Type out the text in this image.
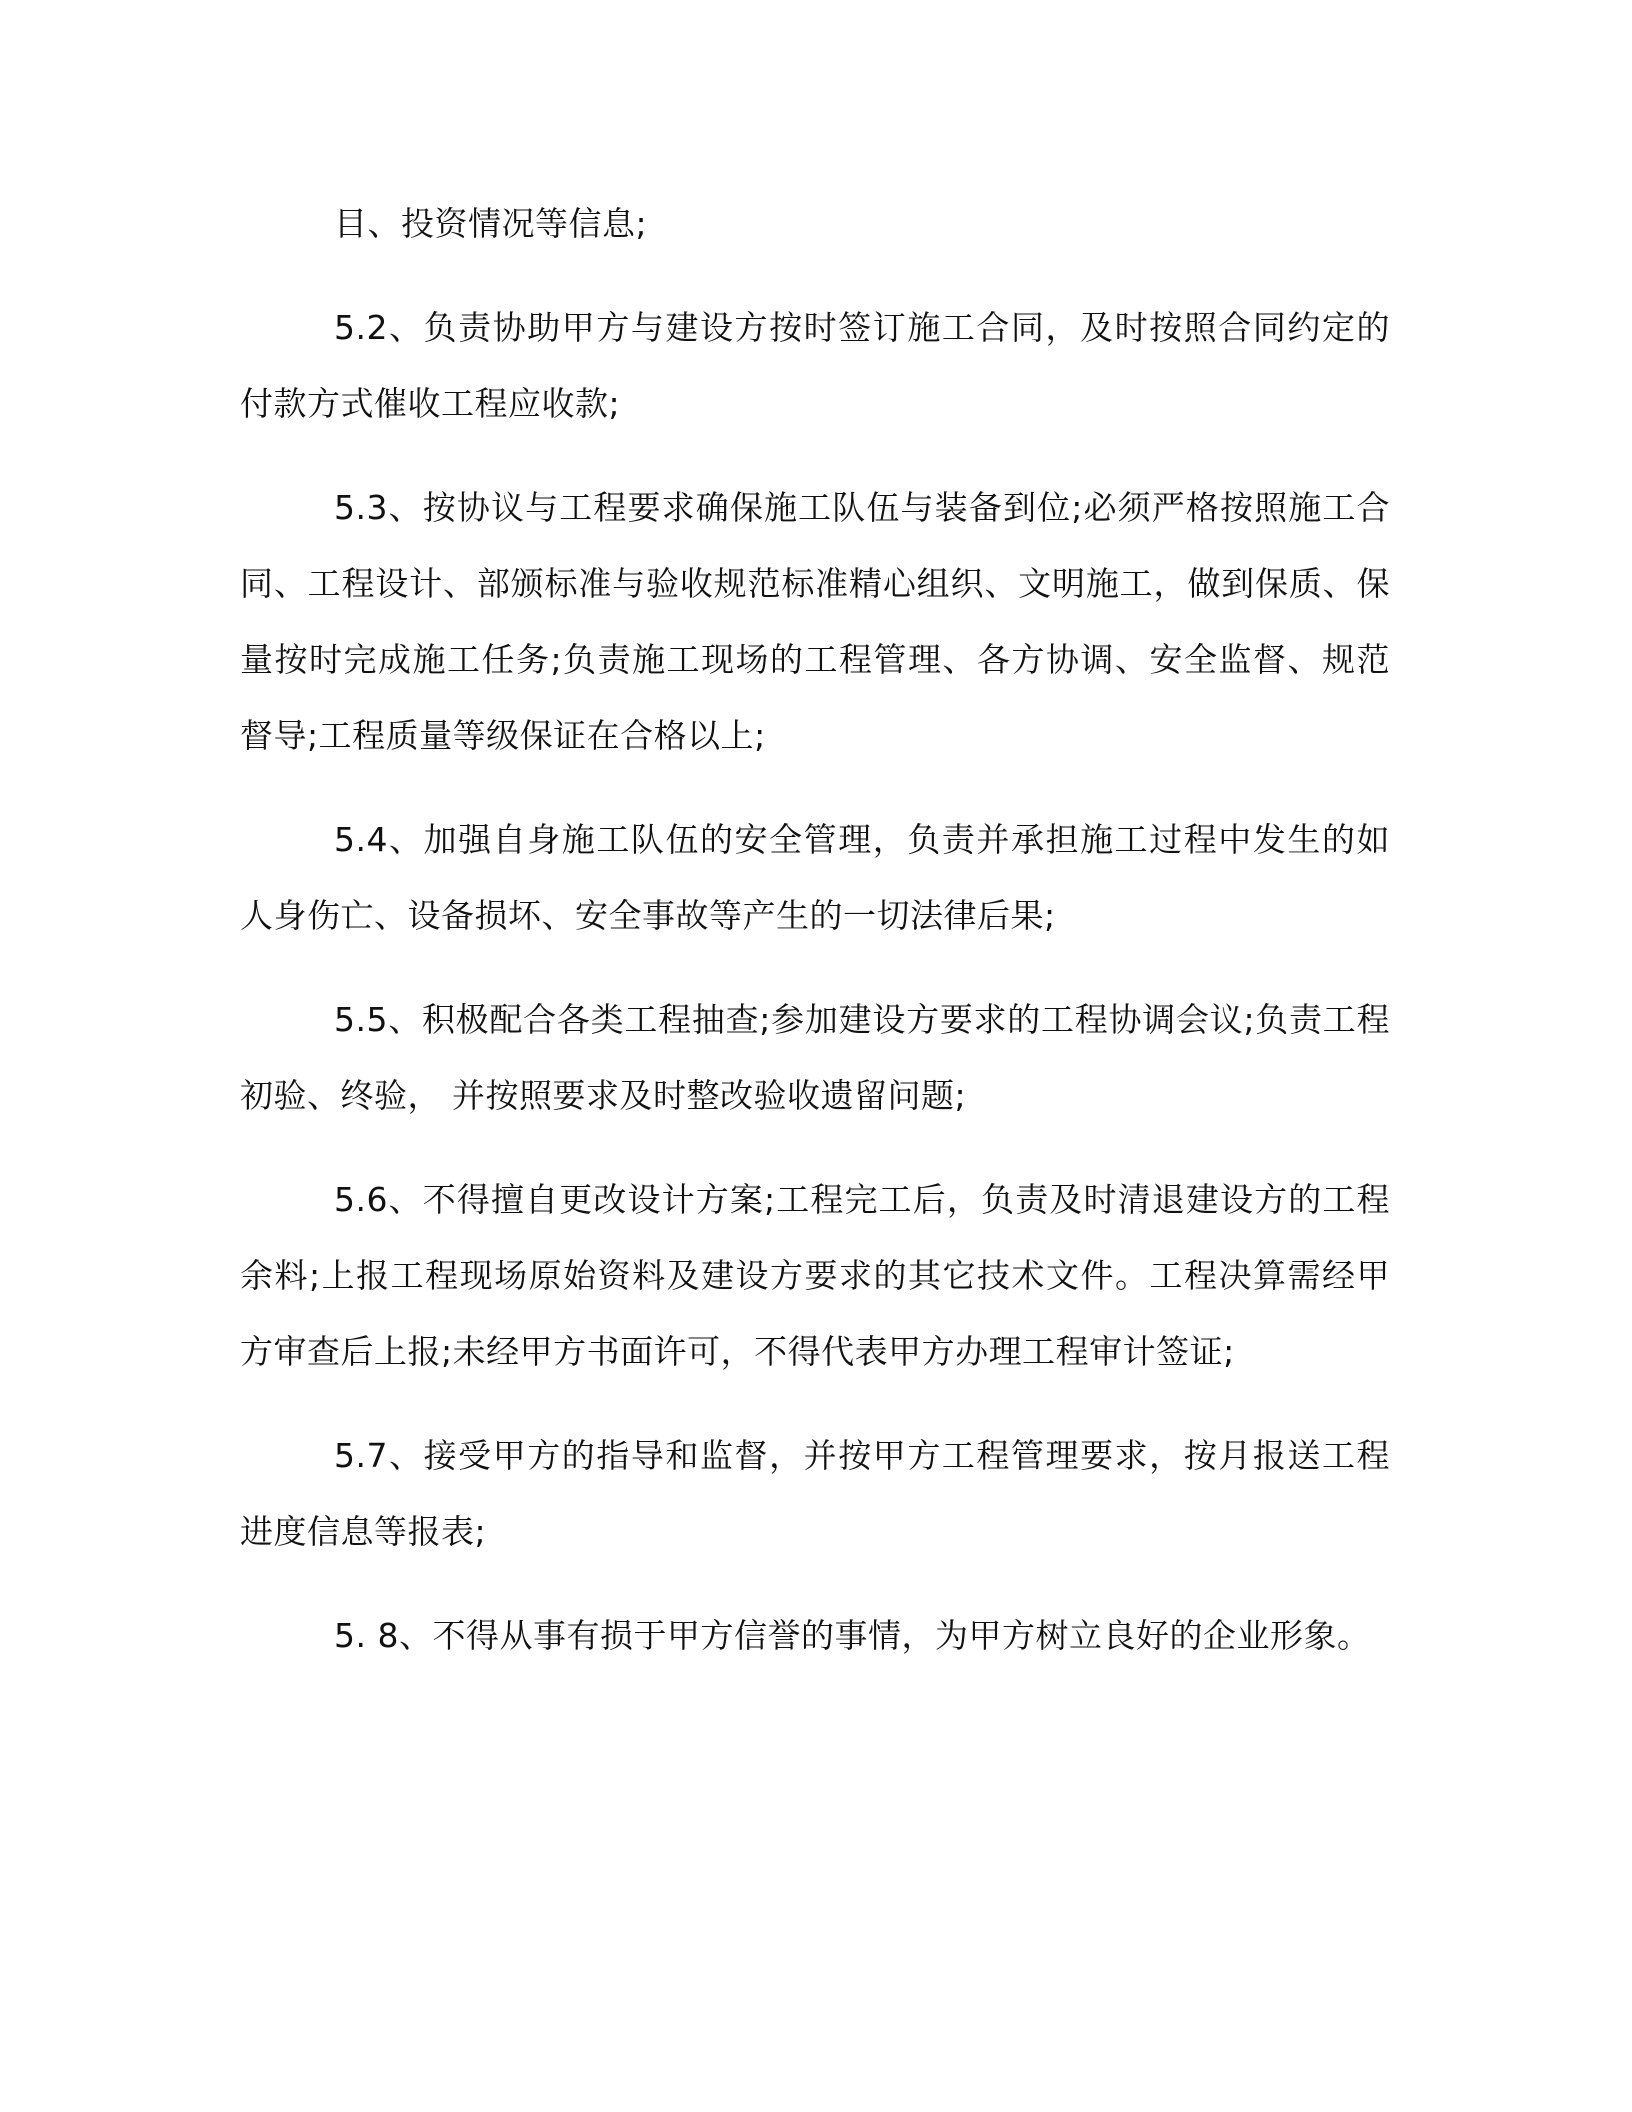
目、投资情况等信息;

5.2、负责协助甲方与建设方按时签订施工合同，及时按照合同约定的付款方式催收工程应收款;

5.3、按协议与工程要求确保施工队伍与装备到位;必须严格按照施工合同、工程设计、部颁标准与验收规范标准精心组织、文明施工，做到保质、保量按时完成施工任务;负责施工现场的工程管理、各方协调、安全监督、规范督导;工程质量等级保证在合格以上;

5.4、加强自身施工队伍的安全管理，负责并承担施工过程中发生的如人身伤亡、设备损坏、安全事故等产生的一切法律后果;

5.5、积极配合各类工程抽查;参加建设方要求的工程协调会议;负责工程初验、终验， 并按照要求及时整改验收遗留问题;

5.6、不得擅自更改设计方案;工程完工后，负责及时清退建设方的工程余料;上报工程现场原始资料及建设方要求的其它技术文件。工程决算需经甲方审查后上报;未经甲方书面许可，不得代表甲方办理工程审计签证;

5.7、接受甲方的指导和监督，并按甲方工程管理要求，按月报送工程进度信息等报表;

5. 8、不得从事有损于甲方信誉的事情，为甲方树立良好的企业形象。
